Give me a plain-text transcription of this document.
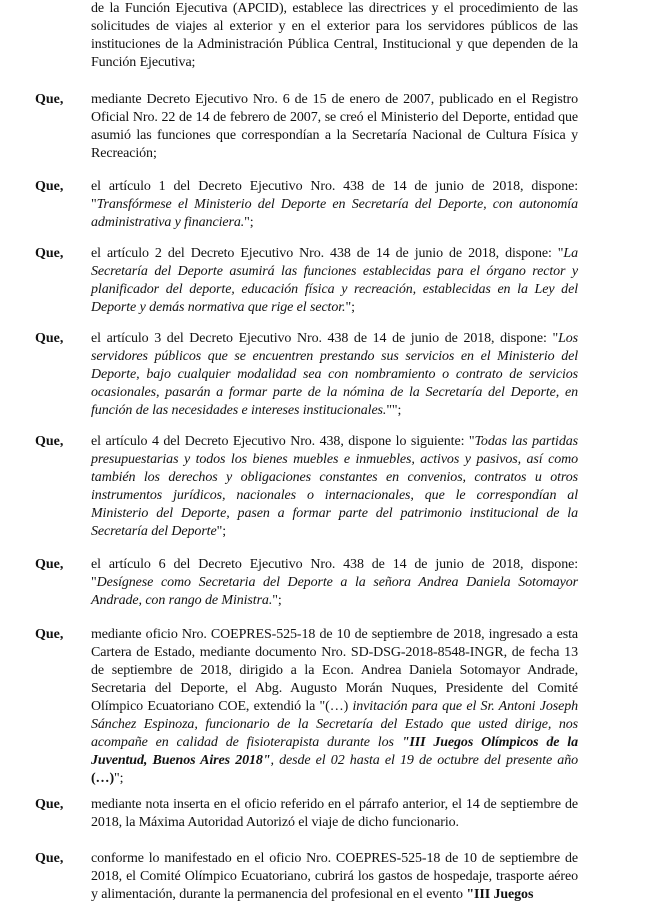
de la Función Ejecutiva (APCID), establece las directrices y el procedimiento de las solicitudes de viajes al exterior y en el exterior para los servidores públicos de las instituciones de la Administración Pública Central, Institucional y que dependen de la Función Ejecutiva;
Que,	mediante Decreto Ejecutivo Nro. 6 de 15 de enero de 2007, publicado en el Registro Oficial Nro. 22 de 14 de febrero de 2007, se creó el Ministerio del Deporte, entidad que asumió las funciones que correspondían a la Secretaría Nacional de Cultura Física y Recreación;
Que,	el artículo 1 del Decreto Ejecutivo Nro. 438 de 14 de junio de 2018, dispone: "Transfórmese el Ministerio del Deporte en Secretaría del Deporte, con autonomía administrativa y financiera.";
Que,	el artículo 2 del Decreto Ejecutivo Nro. 438 de 14 de junio de 2018, dispone: "La Secretaría del Deporte asumirá las funciones establecidas para el órgano rector y planificador del deporte, educación física y recreación, establecidas en la Ley del Deporte y demás normativa que rige el sector.";
Que,	el artículo 3 del Decreto Ejecutivo Nro. 438 de 14 de junio de 2018, dispone: "Los servidores públicos que se encuentren prestando sus servicios en el Ministerio del Deporte, bajo cualquier modalidad sea con nombramiento o contrato de servicios ocasionales, pasarán a formar parte de la nómina de la Secretaría del Deporte, en función de las necesidades e intereses institucionales."";
Que,	el artículo 4 del Decreto Ejecutivo Nro. 438, dispone lo siguiente: "Todas las partidas presupuestarias y todos los bienes muebles e inmuebles, activos y pasivos, así como también los derechos y obligaciones constantes en convenios, contratos u otros instrumentos jurídicos, nacionales o internacionales, que le correspondían al Ministerio del Deporte, pasen a formar parte del patrimonio institucional de la Secretaría del Deporte";
Que,	el artículo 6 del Decreto Ejecutivo Nro. 438 de 14 de junio de 2018, dispone: "Desígnese como Secretaria del Deporte a la señora Andrea Daniela Sotomayor Andrade, con rango de Ministra.";
Que,	mediante oficio Nro. COEPRES-525-18 de 10 de septiembre de 2018, ingresado a esta Cartera de Estado, mediante documento Nro. SD-DSG-2018-8548-INGR, de fecha 13 de septiembre de 2018, dirigido a la Econ. Andrea Daniela Sotomayor Andrade, Secretaria del Deporte, el Abg. Augusto Morán Nuques, Presidente del Comité Olímpico Ecuatoriano COE, extendió la "(…) invitación para que el Sr. Antoni Joseph Sánchez Espinoza, funcionario de la Secretaría del Estado que usted dirige, nos acompañe en calidad de fisioterapista durante los "III Juegos Olímpicos de la Juventud, Buenos Aires 2018", desde el 02 hasta el 19 de octubre del presente año (…)";
Que,	mediante nota inserta en el oficio referido en el párrafo anterior, el 14 de septiembre de 2018, la Máxima Autoridad Autorizó el viaje de dicho funcionario.
Que,	conforme lo manifestado en el oficio Nro. COEPRES-525-18 de 10 de septiembre de 2018, el Comité Olímpico Ecuatoriano, cubrirá los gastos de hospedaje, trasporte aéreo y alimentación, durante la permanencia del profesional en el evento "III Juegos
